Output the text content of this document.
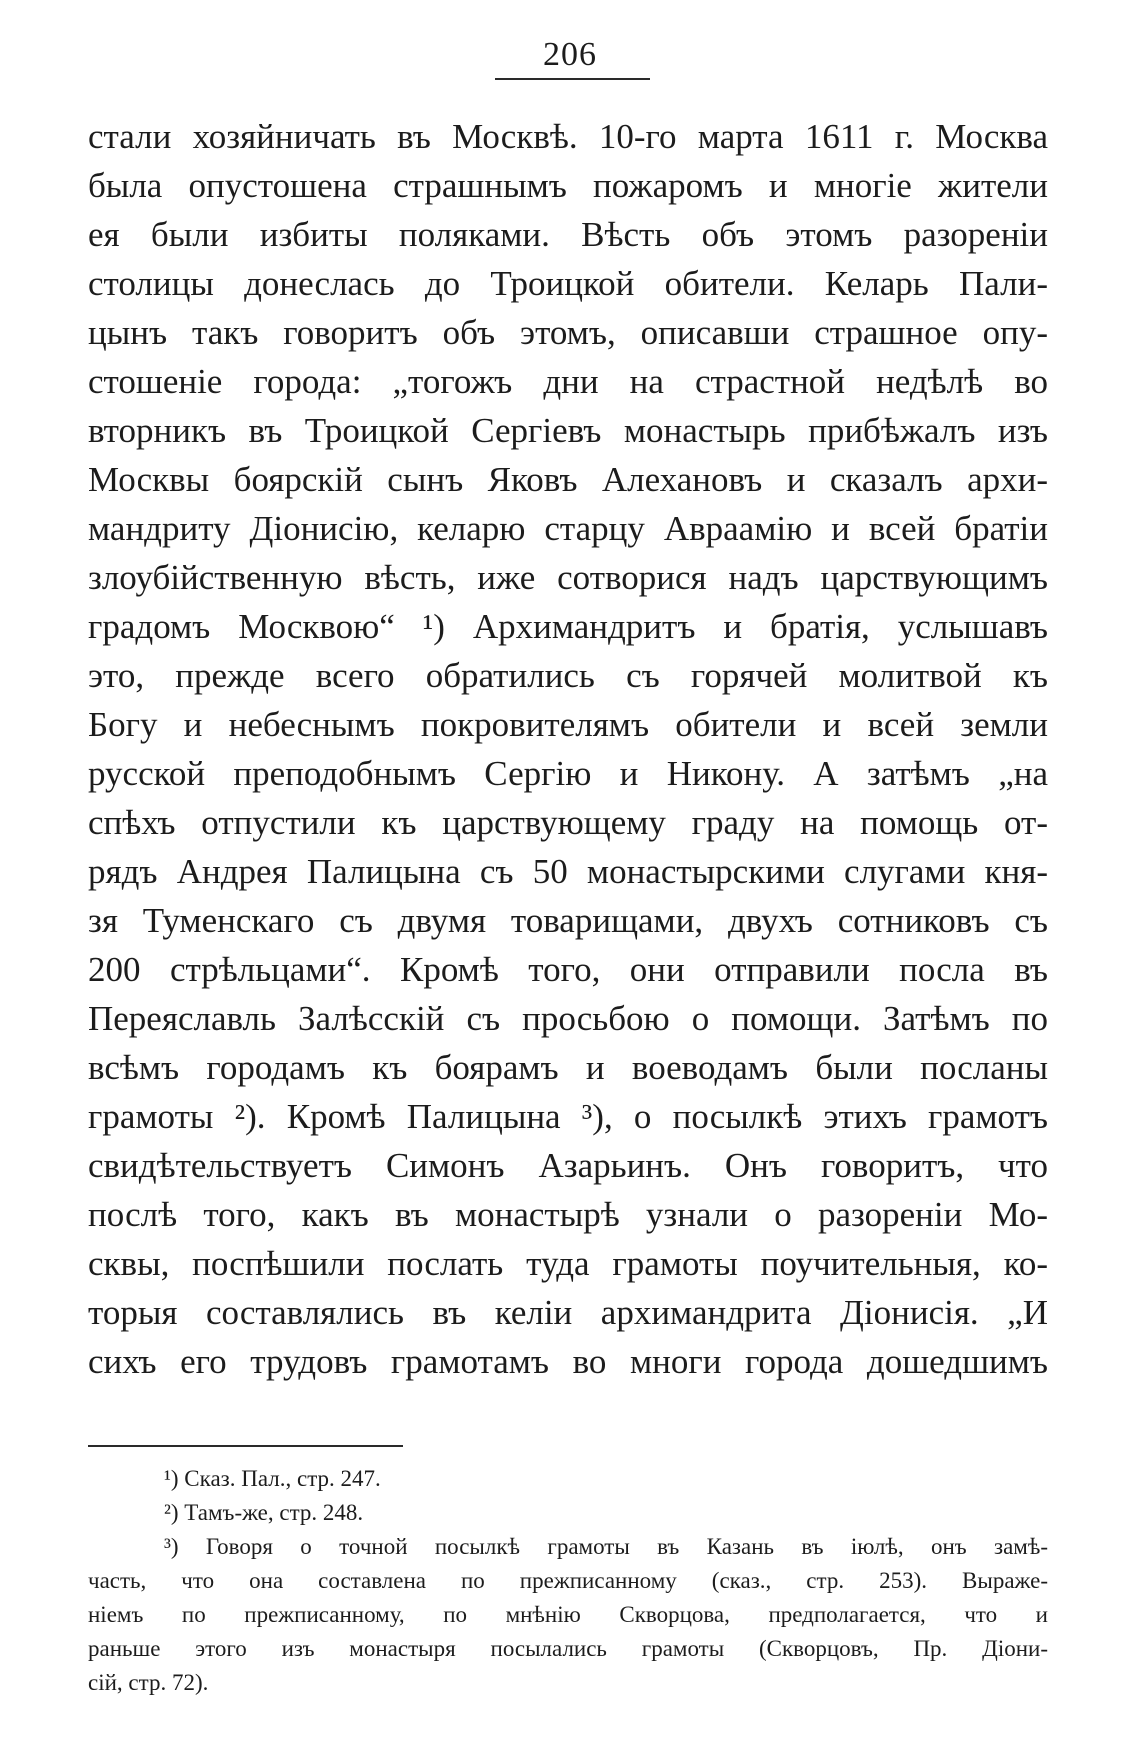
206
стали хозяйничать въ Москвѣ. 10-го марта 1611 г. Москва
была опустошена страшнымъ пожаромъ и многіе жители
ея были избиты поляками. Вѣсть объ этомъ разореніи
столицы донеслась до Троицкой обители. Келарь Пали-
цынъ такъ говоритъ объ этомъ, описавши страшное опу-
стошеніе города: „тогожъ дни на страстной недѣлѣ во
вторникъ въ Троицкой Сергіевъ монастырь прибѣжалъ изъ
Москвы боярскій сынъ Яковъ Алехановъ и сказалъ архи-
мандриту Діонисію, келарю старцу Авраамію и всей братіи
злоубійственную вѣсть, иже сотворися надъ царствующимъ
градомъ Москвою“ ¹) Архимандритъ и братія, услышавъ
это, прежде всего обратились съ горячей молитвой къ
Богу и небеснымъ покровителямъ обители и всей земли
русской преподобнымъ Сергію и Никону. А затѣмъ „на
спѣхъ отпустили къ царствующему граду на помощь от-
рядъ Андрея Палицына съ 50 монастырскими слугами кня-
зя Туменскаго съ двумя товарищами, двухъ сотниковъ съ
200 стрѣльцами“. Кромѣ того, они отправили посла въ
Переяславль Залѣсскій съ просьбою о помощи. Затѣмъ по
всѣмъ городамъ къ боярамъ и воеводамъ были посланы
грамоты ²). Кромѣ Палицына ³), о посылкѣ этихъ грамотъ
свидѣтельствуетъ Симонъ Азарьинъ. Онъ говоритъ, что
послѣ того, какъ въ монастырѣ узнали о разореніи Мо-
сквы, поспѣшили послать туда грамоты поучительныя, ко-
торыя составлялись въ келіи архимандрита Діонисія. „И
сихъ его трудовъ грамотамъ во многи города дошедшимъ
¹) Сказ. Пал., стр. 247.
²) Тамъ-же, стр. 248.
³) Говоря о точной посылкѣ грамоты въ Казань въ іюлѣ, онъ замѣ-
часть, что она составлена по прежписанному (сказ., стр. 253). Выраже-
ніемъ по прежписанному, по мнѣнію Скворцова, предполагается, что и
раньше этого изъ монастыря посылались грамоты (Скворцовъ, Пр. Діони-
сій, стр. 72).
